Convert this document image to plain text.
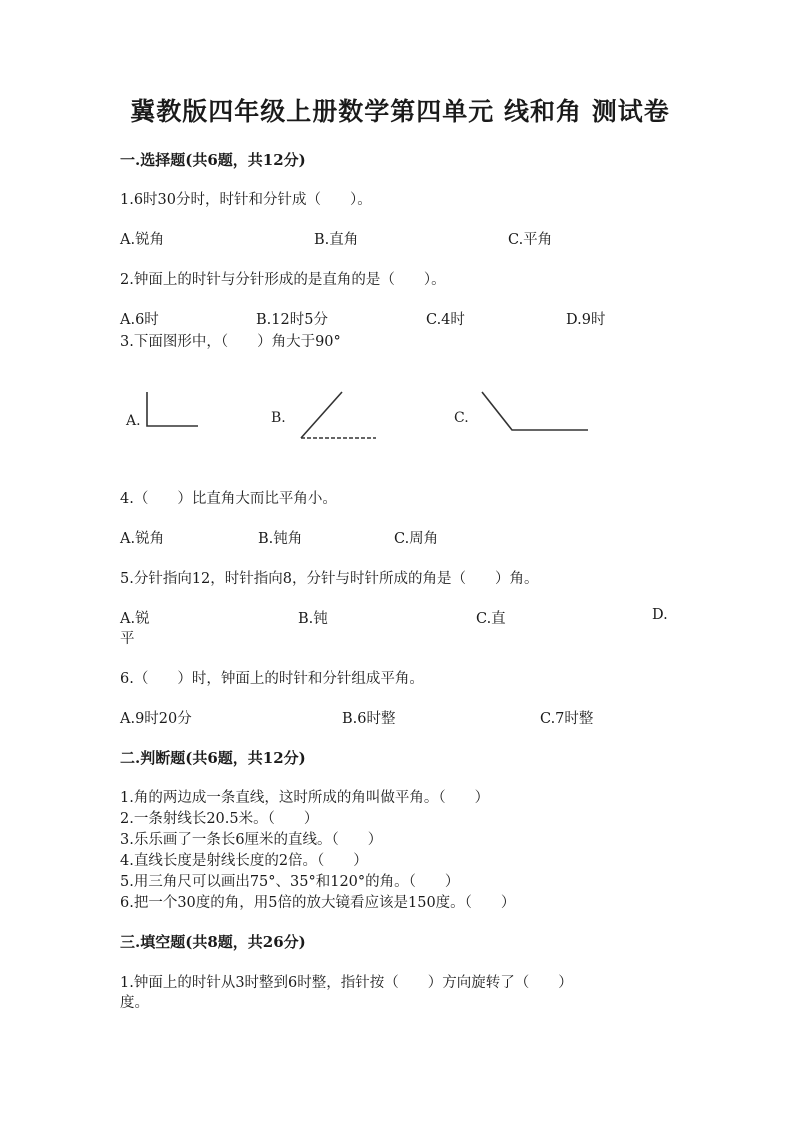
冀教版四年级上册数学第四单元 线和角 测试卷
一.选择题(共6题，共12分)
1.6时30分时，时针和分针成（　　）。
A.锐角	B.直角	C.平角
2.钟面上的时针与分针形成的是直角的是（　　）。
A.6时	B.12时5分	C.4时	D.9时
3.下面图形中，（　　）角大于90°
A.	B.	C.
4.（　　）比直角大而比平角小。
A.锐角	B.钝角	C.周角
5.分针指向12，时针指向8，分针与时针所成的角是（　　）角。
A.锐	B.钝	C.直	D.
平
6.（　　）时，钟面上的时针和分针组成平角。
A.9时20分	B.6时整	C.7时整
二.判断题(共6题，共12分)
1.角的两边成一条直线，这时所成的角叫做平角。（　　）
2.一条射线长20.5米。（　　）
3.乐乐画了一条长6厘米的直线。（　　）
4.直线长度是射线长度的2倍。（　　）
5.用三角尺可以画出75°、35°和120°的角。（　　）
6.把一个30度的角，用5倍的放大镜看应该是150度。（　　）
三.填空题(共8题，共26分)
1.钟面上的时针从3时整到6时整，指针按（　　）方向旋转了（　　）
度。
